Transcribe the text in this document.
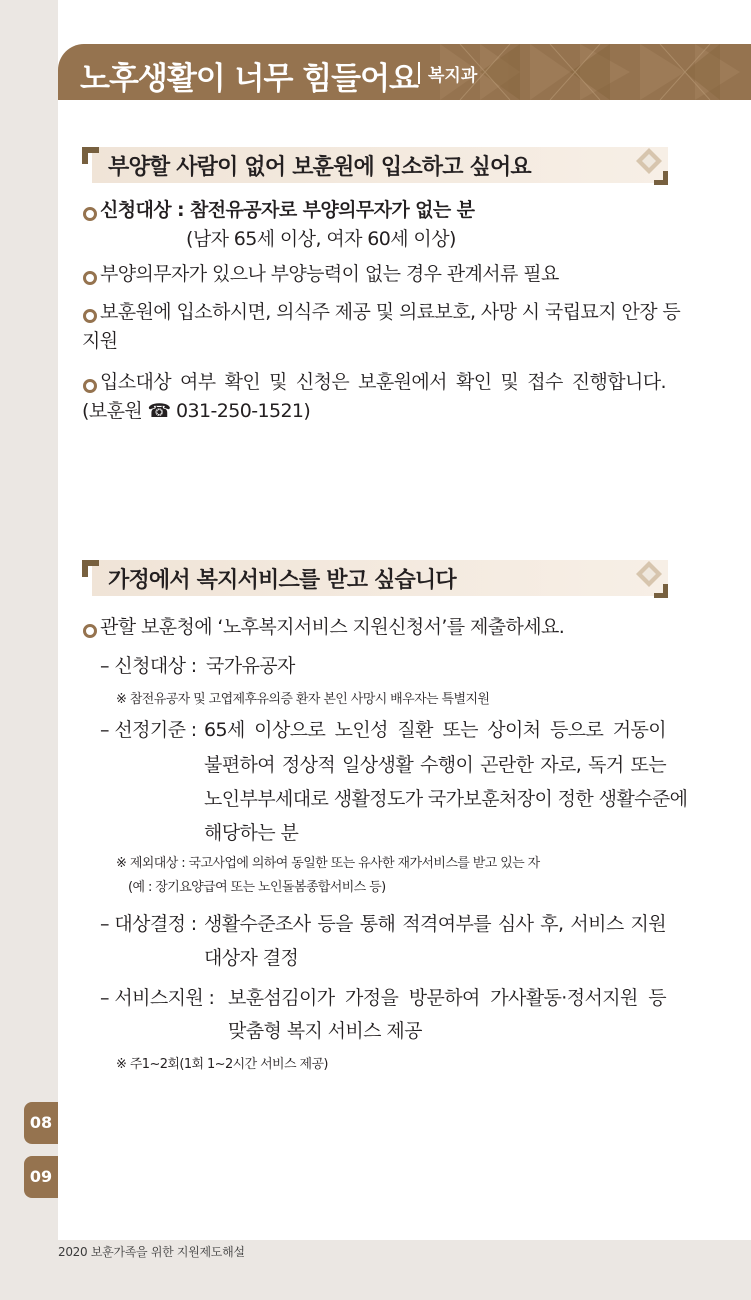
노후생활이 너무 힘들어요 복지과
부양할 사람이 없어 보훈원에 입소하고 싶어요
신청대상 : 참전유공자로 부양의무자가 없는 분
(남자 65세 이상, 여자 60세 이상)
부양의무자가 있으나 부양능력이 없는 경우 관계서류 필요
보훈원에 입소하시면, 의식주 제공 및 의료보호, 사망 시 국립묘지 안장 등
지원
입소대상 여부 확인 및 신청은 보훈원에서 확인 및 접수 진행합니다.
(보훈원 ☎ 031-250-1521)
가정에서 복지서비스를 받고 싶습니다
관할 보훈청에 ‘노후복지서비스 지원신청서’를 제출하세요.
– 신청대상 : 국가유공자
※ 참전유공자 및 고엽제후유의증 환자 본인 사망시 배우자는 특별지원
– 선정기준 : 65세 이상으로 노인성 질환 또는 상이처 등으로 거동이
불편하여 정상적 일상생활 수행이 곤란한 자로, 독거 또는
노인부부세대로 생활정도가 국가보훈처장이 정한 생활수준에
해당하는 분
※ 제외대상 : 국고사업에 의하여 동일한 또는 유사한 재가서비스를 받고 있는 자
(예 : 장기요양급여 또는 노인돌봄종합서비스 등)
– 대상결정 : 생활수준조사 등을 통해 적격여부를 심사 후, 서비스 지원
대상자 결정
– 서비스지원 : 보훈섬김이가 가정을 방문하여 가사활동·정서지원 등
맞춤형 복지 서비스 제공
※ 주1~2회(1회 1~2시간 서비스 제공)
08
09
2020 보훈가족을 위한 지원제도해설
